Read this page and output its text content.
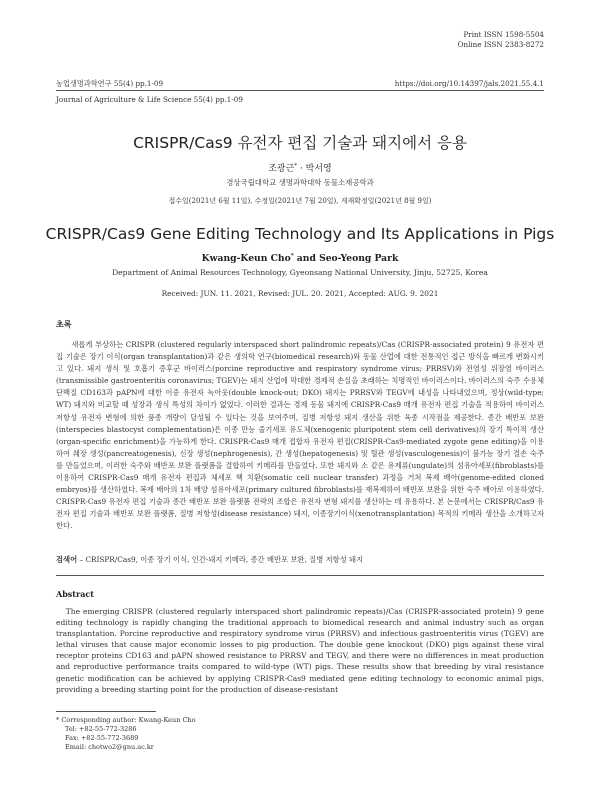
Print ISSN 1598-5504
Online ISSN 2383-8272
농업생명과학연구 55(4) pp.1-09	https://doi.org/10.14397/jals.2021.55.4.1
Journal of Agriculture & Life Science 55(4) pp.1-09
CRISPR/Cas9 유전자 편집 기술과 돼지에서 응용
조광근* · 박서영
경상국립대학교 생명과학대학 동물소재공학과
접수일(2021년 6월 11일), 수정일(2021년 7월 20일), 게재확정일(2021년 8월 9일)
CRISPR/Cas9 Gene Editing Technology and Its Applications in Pigs
Kwang-Keun Cho* and Seo-Yeong Park
Department of Animal Resources Technology, Gyeonsang National University, Jinju, 52725, Korea
Received: JUN. 11. 2021, Revised: JUL. 20. 2021, Accepted: AUG. 9. 2021
초록
새롭게 부상하는 CRISPR (clustered regularly interspaced short palindromic repeats)/Cas (CRISPR-associated protein) 9 유전자 편집 기술은 장기 이식(organ transplantation)과 같은 생의학 연구(biomedical research)와 동물 산업에 대한 전통적인 접근 방식을 빠르게 변화시키고 있다. 돼지 생식 및 호흡기 증후군 바이러스(porcine reproductive and respiratory syndrome virus; PRRSV)와 전염성 위장염 바이러스(transmissible gastroenteritis coronavirus; TGEV)는 돼지 산업에 막대한 경제적 손실을 초래하는 치명적인 바이러스이다. 바이러스의 숙주 수용체 단백질 CD163과 pAPN에 대한 이중 유전자 녹아웃(double knock-out; DKO) 돼지는 PRRSV와 TEGV에 내성을 나타내었으며, 정상(wild-type; WT) 돼지와 비교할 때 성장과 생식 특성의 차이가 없었다. 이러한 결과는 경제 동물 돼지에 CRISPR-Cas9 매개 유전자 편집 기술을 적용하여 바이러스 저항성 유전자 변형에 의한 품종 개량이 달성될 수 있다는 것을 보여주며, 질병 저항성 돼지 생산을 위한 육종 시작점을 제공한다. 종간 배반포 보완(interspecies blastocyst complementation)은 이종 만능 줄기세포 유도체(xenogenic pluripotent stem cell derivatives)의 장기 특이적 생산(organ-specific enrichment)을 가능하게 한다. CRISPR-Cas9 매개 접합자 유전자 편집(CRISPR-Cas9-mediated zygote gene editing)을 이용하여 췌장 생성(pancreatogenesis), 신장 생성(nephrogenesis), 간 생성(hepatogenesis) 및 혈관 생성(vasculogenesis)이 불가능 장기 결손 숙주를 만들었으며, 이러한 숙주와 배반포 보완 플랫폼을 결합하여 키메라를 만들었다. 또한 돼지와 소 같은 유제류(ungulate)의 섬유아세포(fibroblasts)를 이용하여 CRISPR-Cas9 매개 유전자 편집과 체세포 핵 치환(somatic cell nuclear transfer) 과정을 거쳐 복제 배아(genome-edited cloned embryos)를 생산하였다. 복제 배아의 1차 배양 섬유아세포(primary cultured fibroblasts)를 재복제하여 배반포 보완을 위한 숙주 배아로 이용하였다. CRISPR-Cas9 유전자 편집 기술과 종간 배반포 보완 플랫폼 전략의 조합은 유전자 변형 돼지를 생산하는 데 유용하다. 본 논문에서는 CRISPR/Cas9 유전자 편집 기술과 배반포 보완 플랫폼, 질병 저항성(disease resistance) 돼지, 이종장기이식(xenotransplantation) 목적의 키메라 생산을 소개하고자 한다.
검색어 – CRISPR/Cas9, 이종 장기 이식, 인간-돼지 키메라, 종간 배반포 보완, 질병 저항성 돼지
Abstract
The emerging CRISPR (clustered regularly interspaced short palindromic repeats)/Cas (CRISPR-associated protein) 9 gene editing technology is rapidly changing the traditional approach to biomedical research and animal industry such as organ transplantation. Porcine reproductive and respiratory syndrome virus (PRRSV) and infectious gastroenteritis virus (TGEV) are lethal viruses that cause major economic losses to pig production. The double gene knockout (DKO) pigs against these viral receptor proteins CD163 and pAPN showed resistance to PRRSV and TEGV, and there were no differences in meat production and reproductive performance traits compared to wild-type (WT) pigs. These results show that breeding by viral resistance genetic modification can be achieved by applying CRISPR-Cas9 mediated gene editing technology to economic animal pigs, providing a breeding starting point for the production of disease-resistant
* Corresponding author: Kwang-Keun Cho
Tel: +82-55-772-3286
Fax: +82-55-772-3689
Email: chotwo2@gnu.ac.kr
